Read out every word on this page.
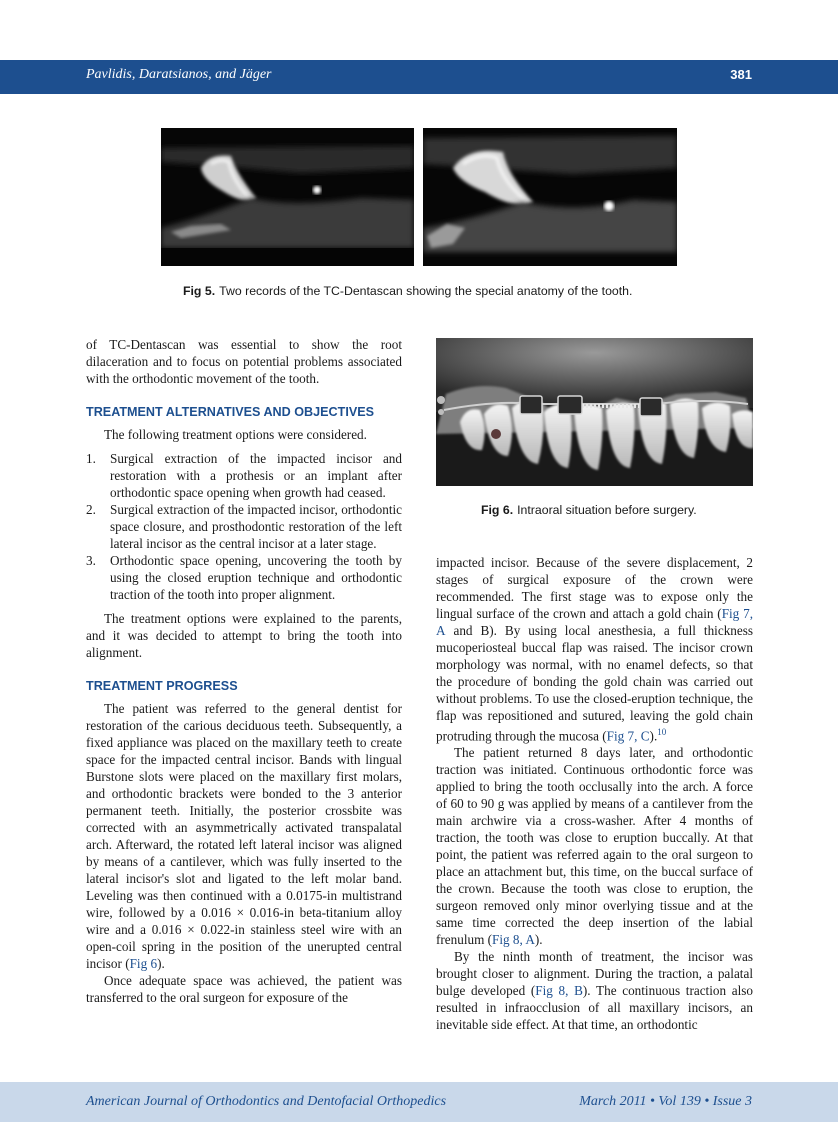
Pavlidis, Daratsianos, and Jäger	381
Fig 5. Two records of the TC-Dentascan showing the special anatomy of the tooth.

of TC-Dentascan was essential to show the root dilaceration and to focus on potential problems associated with the orthodontic movement of the tooth.

TREATMENT ALTERNATIVES AND OBJECTIVES

The following treatment options were considered.

1. Surgical extraction of the impacted incisor and restoration with a prothesis or an implant after orthodontic space opening when growth had ceased.
2. Surgical extraction of the impacted incisor, orthodontic space closure, and prosthodontic restoration of the left lateral incisor as the central incisor at a later stage.
3. Orthodontic space opening, uncovering the tooth by using the closed eruption technique and orthodontic traction of the tooth into proper alignment.

The treatment options were explained to the parents, and it was decided to attempt to bring the tooth into alignment.

TREATMENT PROGRESS

The patient was referred to the general dentist for restoration of the carious deciduous teeth. Subsequently, a fixed appliance was placed on the maxillary teeth to create space for the impacted central incisor. Bands with lingual Burstone slots were placed on the maxillary first molars, and orthodontic brackets were bonded to the 3 anterior permanent teeth. Initially, the posterior crossbite was corrected with an asymmetrically activated transpalatal arch. Afterward, the rotated left lateral incisor was aligned by means of a cantilever, which was fully inserted to the lateral incisor's slot and ligated to the left molar band. Leveling was then continued with a 0.0175-in multistrand wire, followed by a 0.016 × 0.016-in beta-titanium alloy wire and a 0.016 × 0.022-in stainless steel wire with an open-coil spring in the position of the unerupted central incisor (Fig 6).

Once adequate space was achieved, the patient was transferred to the oral surgeon for exposure of the

Fig 6. Intraoral situation before surgery.

impacted incisor. Because of the severe displacement, 2 stages of surgical exposure of the crown were recommended. The first stage was to expose only the lingual surface of the crown and attach a gold chain (Fig 7, A and B). By using local anesthesia, a full thickness mucoperiosteal buccal flap was raised. The incisor crown morphology was normal, with no enamel defects, so that the procedure of bonding the gold chain was carried out without problems. To use the closed-eruption technique, the flap was repositioned and sutured, leaving the gold chain protruding through the mucosa (Fig 7, C).$^{10}$

The patient returned 8 days later, and orthodontic traction was initiated. Continuous orthodontic force was applied to bring the tooth occlusally into the arch. A force of 60 to 90 g was applied by means of a cantilever from the main archwire via a cross-washer. After 4 months of traction, the tooth was close to eruption buccally. At that point, the patient was referred again to the oral surgeon to place an attachment but, this time, on the buccal surface of the crown. Because the tooth was close to eruption, the surgeon removed only minor overlying tissue and at the same time corrected the deep insertion of the labial frenulum (Fig 8, A).

By the ninth month of treatment, the incisor was brought closer to alignment. During the traction, a palatal bulge developed (Fig 8, B). The continuous traction also resulted in infraocclusion of all maxillary incisors, an inevitable side effect. At that time, an orthodontic

American Journal of Orthodontics and Dentofacial Orthopedics	March 2011 • Vol 139 • Issue 3
